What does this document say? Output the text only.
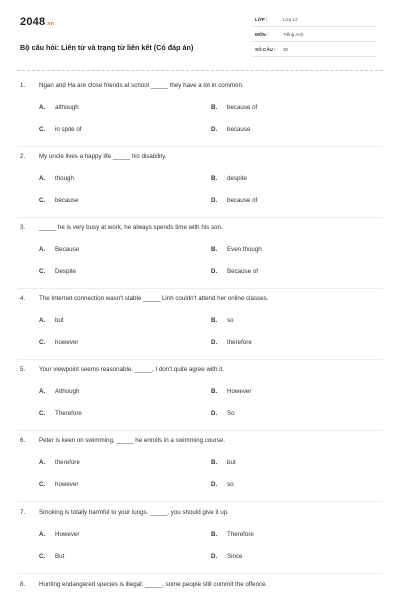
2048.vn
Bộ câu hỏi: Liên từ và trạng từ liên kết (Có đáp án)
LỚP :	Lớp 12
MÔN :	Tiếng Anh
SỐ CÂU : 30
1. Ngan and Ha are close friends at school _____ they have a lot in common.
A. although	B. because of
C. in spite of	D. because
2. My uncle lives a happy life _____ his disability.
A. though	B. despite
C. because	D. because of
3. _____ he is very busy at work, he always spends time with his son.
A. Because	B. Even though
C. Despite	D. Because of
4. The Internet connection wasn't stable _____ Linh couldn't attend her online classes.
A. but	B. so
C. however	D. therefore
5. Your viewpoint seems reasonable. _____, I don't quite agree with it.
A. Although	B. However
C. Therefore	D. So
6. Peter is keen on swimming, _____ he enrolls in a swimming course.
A. therefore	B. but
C. however	D. so
7. Smoking is totally harmful to your lungs. _____, you should give it up.
A. However	B. Therefore
C. But	D. Since
8. Hunting endangered species is illegal; _____, some people still commit the offence.
